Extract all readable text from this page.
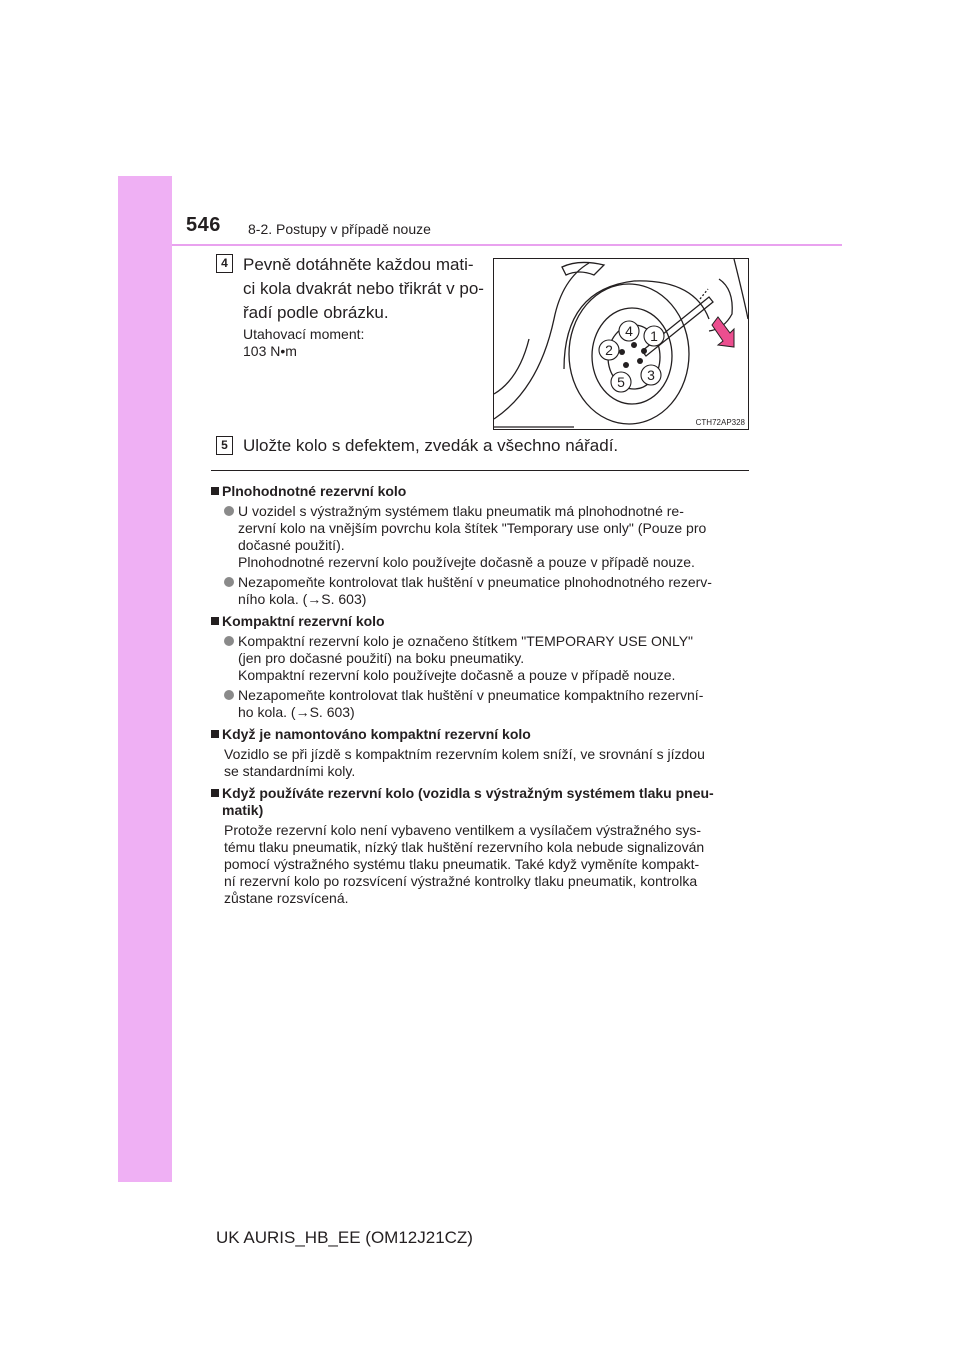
546 8-2. Postupy v případě nouze
4 Pevně dotáhněte každou mati-
ci kola dvakrát nebo třikrát v po-
řadí podle obrázku.
Utahovací moment:
103 N•m
1
2
3
4
5
CTH72AP328
5 Uložte kolo s defektem, zvedák a všechno nářadí.
Plnohodnotné rezervní kolo
U vozidel s výstražným systémem tlaku pneumatik má plnohodnotné re-
zervní kolo na vnějším povrchu kola štítek "Temporary use only" (Pouze pro
dočasné použití).
Plnohodnotné rezervní kolo používejte dočasně a pouze v případě nouze.
Nezapomeňte kontrolovat tlak huštění v pneumatice plnohodnotného rezerv-
ního kola. (→S. 603)
Kompaktní rezervní kolo
Kompaktní rezervní kolo je označeno štítkem "TEMPORARY USE ONLY"
(jen pro dočasné použití) na boku pneumatiky.
Kompaktní rezervní kolo používejte dočasně a pouze v případě nouze.
Nezapomeňte kontrolovat tlak huštění v pneumatice kompaktního rezervní-
ho kola. (→S. 603)
Když je namontováno kompaktní rezervní kolo
Vozidlo se při jízdě s kompaktním rezervním kolem sníží, ve srovnání s jízdou
se standardními koly.
Když používáte rezervní kolo (vozidla s výstražným systémem tlaku pneu-
matik)
Protože rezervní kolo není vybaveno ventilkem a vysílačem výstražného sys-
tému tlaku pneumatik, nízký tlak huštění rezervního kola nebude signalizován
pomocí výstražného systému tlaku pneumatik. Také když vyměníte kompakt-
ní rezervní kolo po rozsvícení výstražné kontrolky tlaku pneumatik, kontrolka
zůstane rozsvícená.
UK AURIS_HB_EE (OM12J21CZ)
